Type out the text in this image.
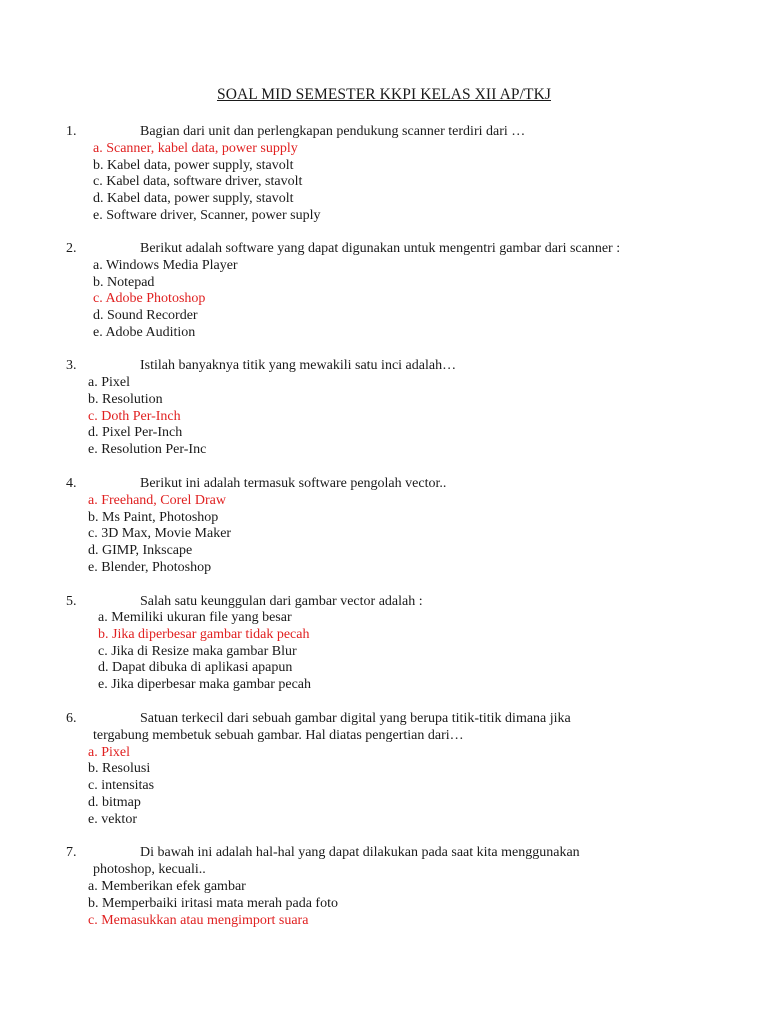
SOAL MID SEMESTER KKPI KELAS XII AP/TKJ
1.	Bagian dari unit dan perlengkapan pendukung scanner terdiri dari …
a. Scanner, kabel data, power supply
b. Kabel data, power supply, stavolt
c. Kabel data, software driver, stavolt
d. Kabel data, power supply, stavolt
e. Software driver, Scanner, power suply
2.	Berikut adalah software yang dapat digunakan untuk mengentri gambar dari scanner :
a. Windows Media Player
b. Notepad
c. Adobe Photoshop
d. Sound Recorder
e. Adobe Audition
3.	Istilah banyaknya titik yang mewakili satu inci adalah…
a. Pixel
b. Resolution
c. Doth Per-Inch
d. Pixel Per-Inch
e. Resolution Per-Inc
4.	Berikut ini adalah termasuk software pengolah vector..
a. Freehand, Corel Draw
b. Ms Paint, Photoshop
c. 3D Max, Movie Maker
d. GIMP, Inkscape
e. Blender, Photoshop
5.	Salah satu keunggulan dari gambar vector adalah :
a. Memiliki ukuran file yang besar
b. Jika diperbesar gambar tidak pecah
c. Jika di Resize maka gambar Blur
d. Dapat dibuka di aplikasi apapun
e. Jika diperbesar maka gambar pecah
6.	Satuan terkecil dari sebuah gambar digital yang berupa titik-titik dimana jika
tergabung membetuk sebuah gambar. Hal diatas pengertian dari…
a. Pixel
b. Resolusi
c. intensitas
d. bitmap
e. vektor
7.	Di bawah ini adalah hal-hal yang dapat dilakukan pada saat kita menggunakan
photoshop, kecuali..
a. Memberikan efek gambar
b. Memperbaiki iritasi mata merah pada foto
c. Memasukkan atau mengimport suara
